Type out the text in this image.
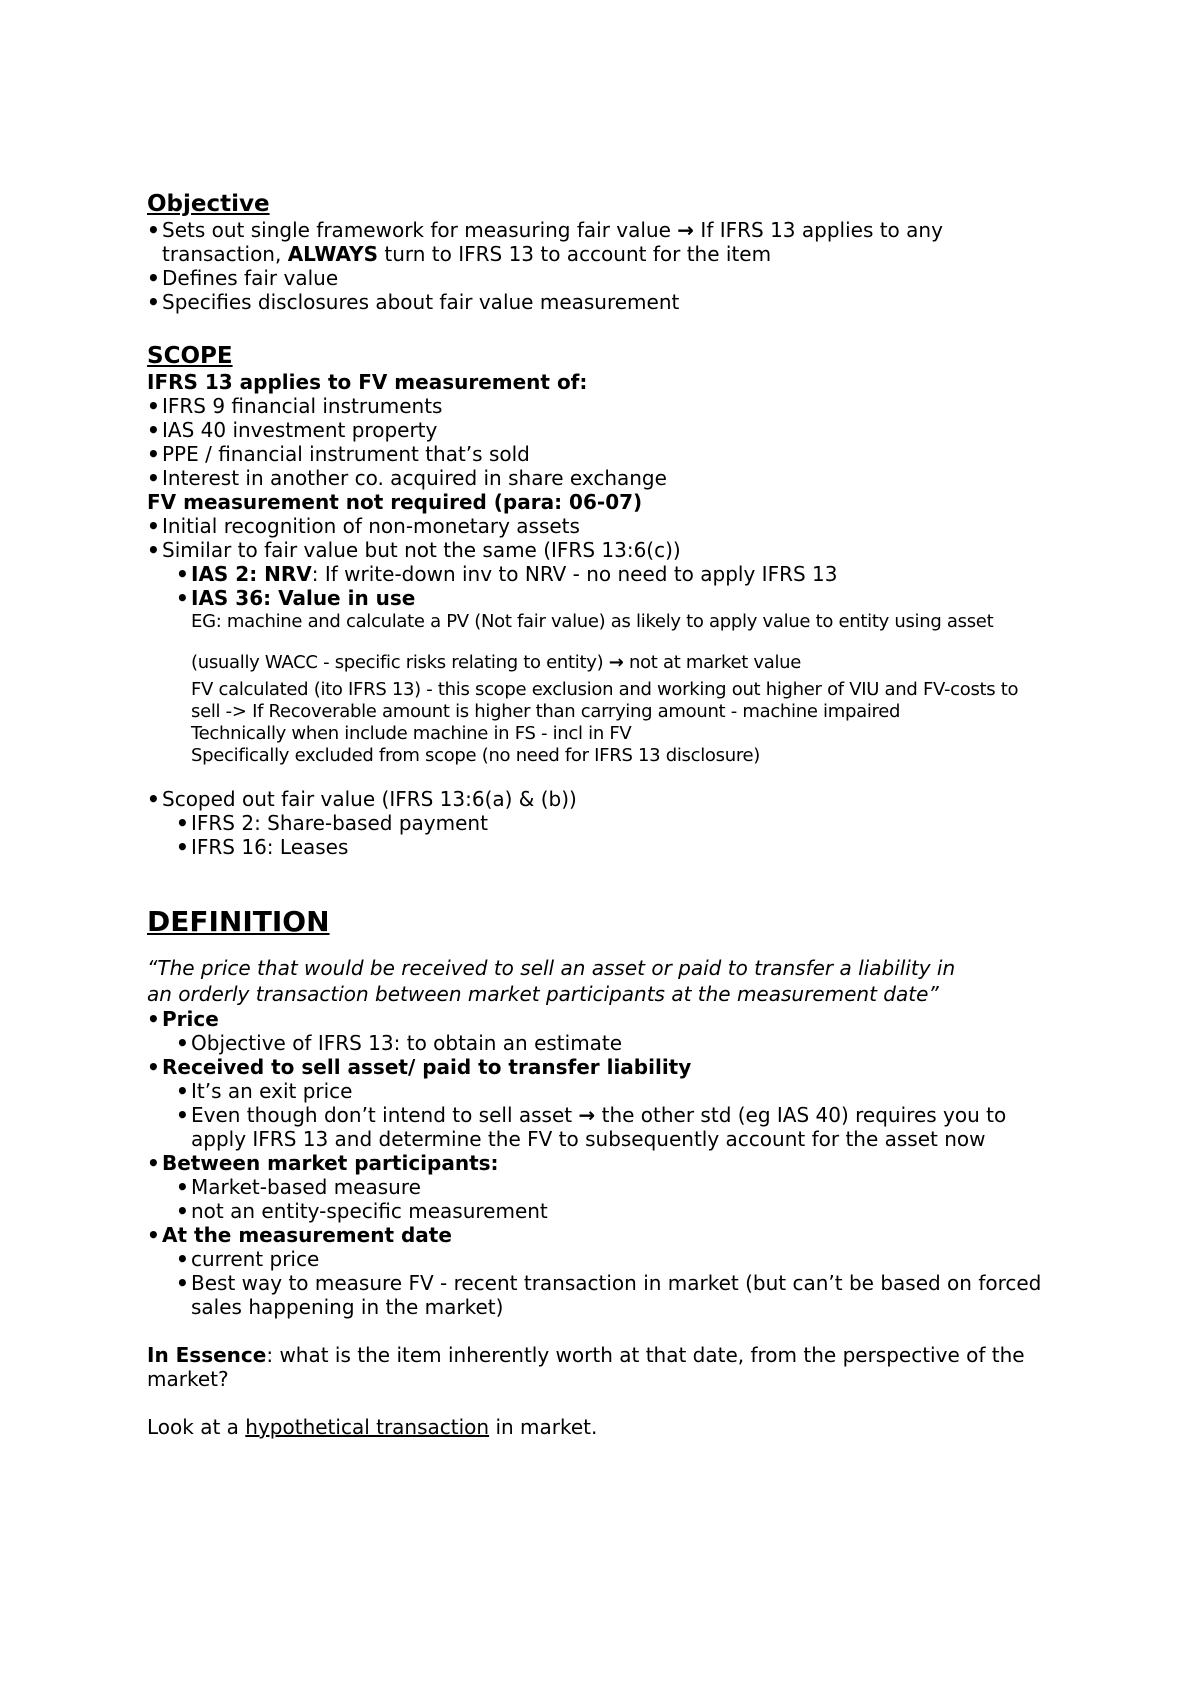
Objective
• Sets out single framework for measuring fair value → If IFRS 13 applies to any
transaction, ALWAYS turn to IFRS 13 to account for the item
• Defines fair value
• Specifies disclosures about fair value measurement
SCOPE
IFRS 13 applies to FV measurement of:
• IFRS 9 financial instruments
• IAS 40 investment property
• PPE / financial instrument that’s sold
• Interest in another co. acquired in share exchange
FV measurement not required (para: 06-07)
• Initial recognition of non-monetary assets
• Similar to fair value but not the same (IFRS 13:6(c))
• IAS 2: NRV: If write-down inv to NRV - no need to apply IFRS 13
• IAS 36: Value in use
EG: machine and calculate a PV (Not fair value) as likely to apply value to entity using asset
(usually WACC - specific risks relating to entity) → not at market value
FV calculated (ito IFRS 13) - this scope exclusion and working out higher of VIU and FV-costs to
sell -> If Recoverable amount is higher than carrying amount - machine impaired
Technically when include machine in FS - incl in FV
Specifically excluded from scope (no need for IFRS 13 disclosure)
• Scoped out fair value (IFRS 13:6(a) & (b))
• IFRS 2: Share-based payment
• IFRS 16: Leases
DEFINITION
“The price that would be received to sell an asset or paid to transfer a liability in
an orderly transaction between market participants at the measurement date”
• Price
• Objective of IFRS 13: to obtain an estimate
• Received to sell asset/ paid to transfer liability
• It’s an exit price
• Even though don’t intend to sell asset → the other std (eg IAS 40) requires you to
apply IFRS 13 and determine the FV to subsequently account for the asset now
• Between market participants:
• Market-based measure
• not an entity-specific measurement
• At the measurement date
• current price
• Best way to measure FV - recent transaction in market (but can’t be based on forced
sales happening in the market)
In Essence: what is the item inherently worth at that date, from the perspective of the
market?
Look at a hypothetical transaction in market.
